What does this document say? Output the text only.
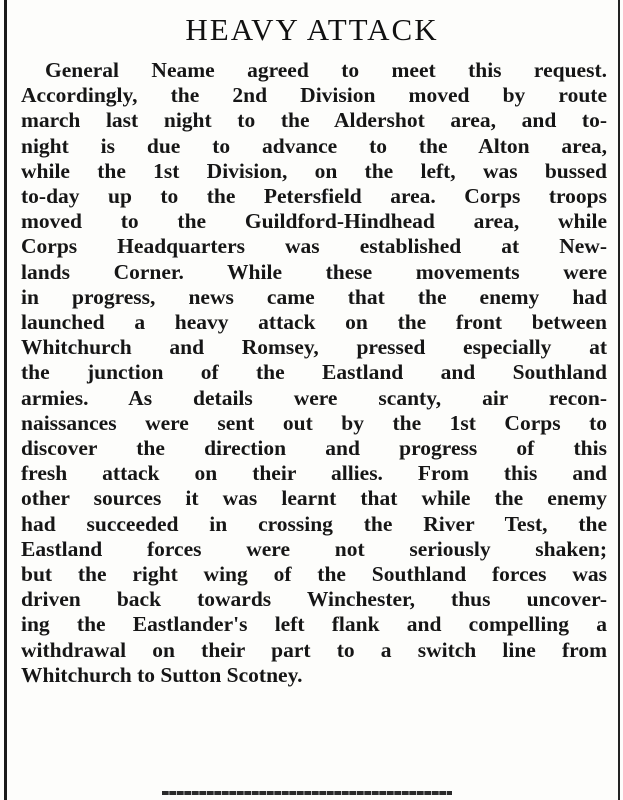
HEAVY ATTACK
General Neame agreed to meet this request.
Accordingly, the 2nd Division moved by route
march last night to the Aldershot area, and to-
night is due to advance to the Alton area,
while the 1st Division, on the left, was bussed
to-day up to the Petersfield area. Corps troops
moved to the Guildford-Hindhead area, while
Corps Headquarters was established at New-
lands Corner. While these movements were
in progress, news came that the enemy had
launched a heavy attack on the front between
Whitchurch and Romsey, pressed especially at
the junction of the Eastland and Southland
armies. As details were scanty, air recon-
naissances were sent out by the 1st Corps to
discover the direction and progress of this
fresh attack on their allies. From this and
other sources it was learnt that while the enemy
had succeeded in crossing the River Test, the
Eastland forces were not seriously shaken;
but the right wing of the Southland forces was
driven back towards Winchester, thus uncover-
ing the Eastlander's left flank and compelling a
withdrawal on their part to a switch line from
Whitchurch to Sutton Scotney.
